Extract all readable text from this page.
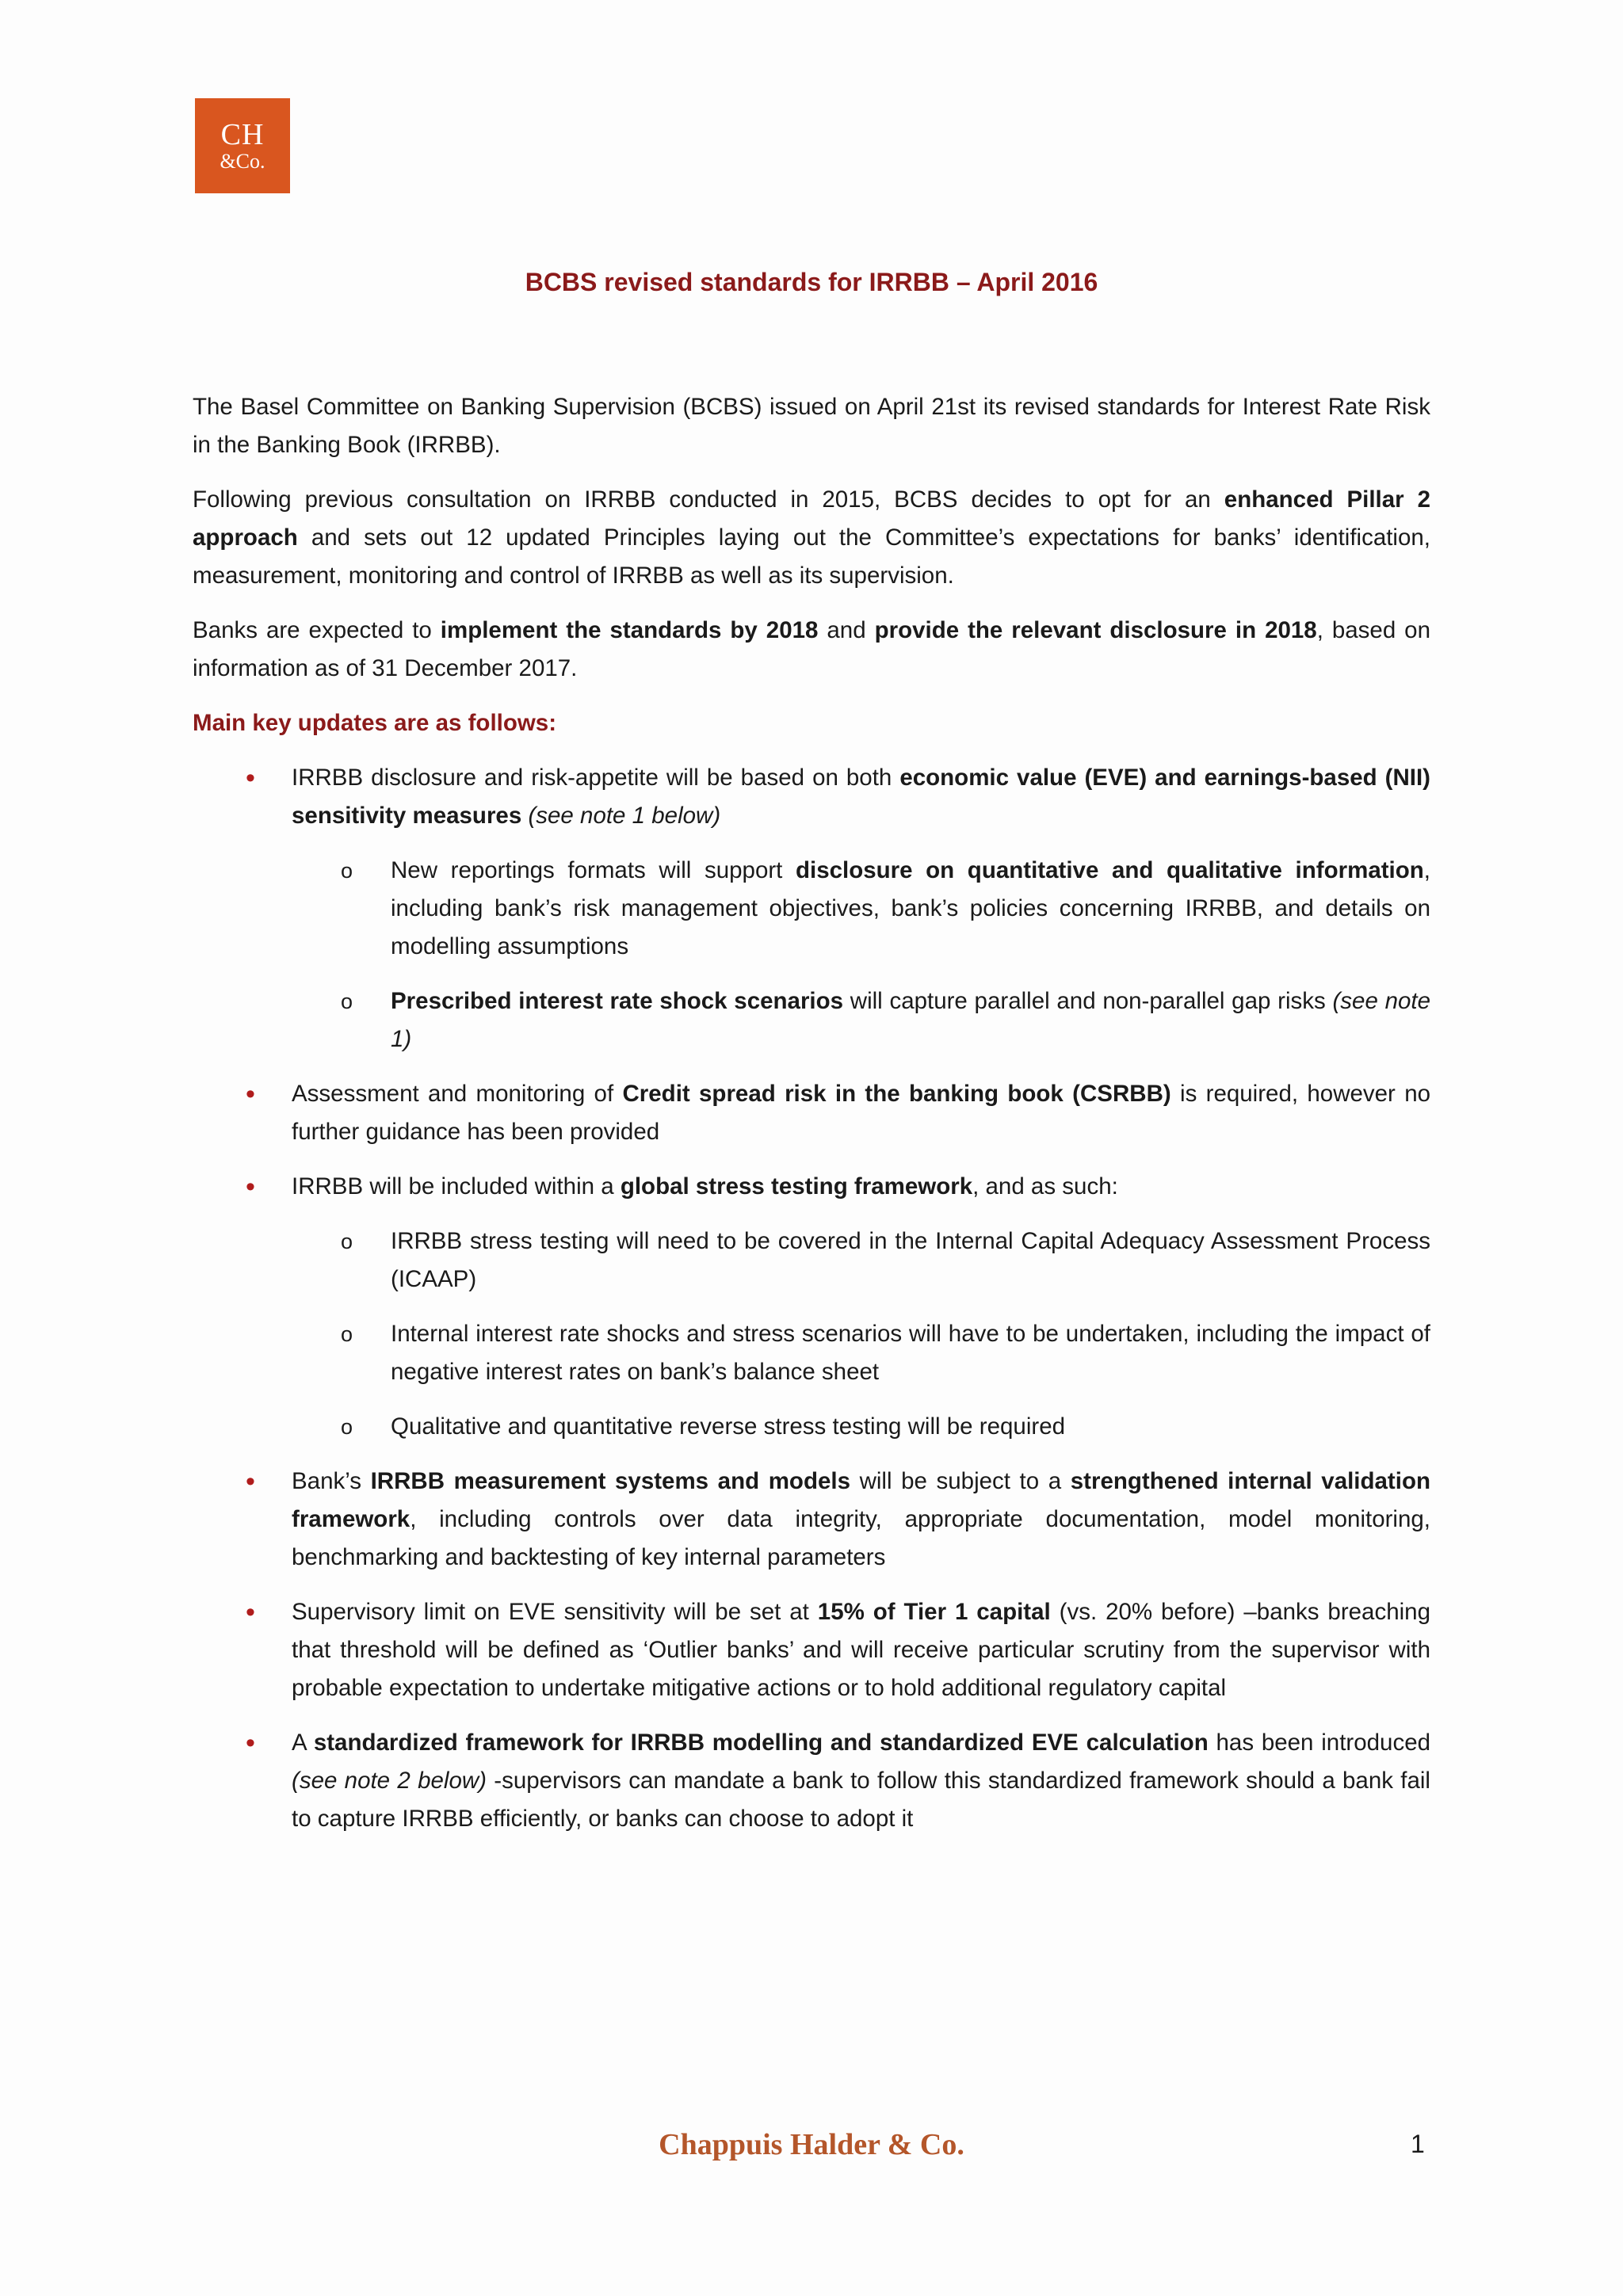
CH
&Co.
BCBS revised standards for IRRBB – April 2016

The Basel Committee on Banking Supervision (BCBS) issued on April 21st its revised standards for Interest Rate Risk in the Banking Book (IRRBB).

Following previous consultation on IRRBB conducted in 2015, BCBS decides to opt for an enhanced Pillar 2 approach and sets out 12 updated Principles laying out the Committee’s expectations for banks’ identification, measurement, monitoring and control of IRRBB as well as its supervision.

Banks are expected to implement the standards by 2018 and provide the relevant disclosure in 2018, based on information as of 31 December 2017.

Main key updates are as follows:
• IRRBB disclosure and risk-appetite will be based on both economic value (EVE) and earnings-based (NII) sensitivity measures (see note 1 below)
o New reportings formats will support disclosure on quantitative and qualitative information, including bank’s risk management objectives, bank’s policies concerning IRRBB, and details on modelling assumptions
o Prescribed interest rate shock scenarios will capture parallel and non-parallel gap risks (see note 1)
• Assessment and monitoring of Credit spread risk in the banking book (CSRBB) is required, however no further guidance has been provided
• IRRBB will be included within a global stress testing framework, and as such:
o IRRBB stress testing will need to be covered in the Internal Capital Adequacy Assessment Process (ICAAP)
o Internal interest rate shocks and stress scenarios will have to be undertaken, including the impact of negative interest rates on bank’s balance sheet
o Qualitative and quantitative reverse stress testing will be required
• Bank’s IRRBB measurement systems and models will be subject to a strengthened internal validation framework, including controls over data integrity, appropriate documentation, model monitoring, benchmarking and backtesting of key internal parameters
• Supervisory limit on EVE sensitivity will be set at 15% of Tier 1 capital (vs. 20% before) –banks breaching that threshold will be defined as ‘Outlier banks’ and will receive particular scrutiny from the supervisor with probable expectation to undertake mitigative actions or to hold additional regulatory capital
• A standardized framework for IRRBB modelling and standardized EVE calculation has been introduced (see note 2 below) -supervisors can mandate a bank to follow this standardized framework should a bank fail to capture IRRBB efficiently, or banks can choose to adopt it
Chappuis Halder & Co.	1
